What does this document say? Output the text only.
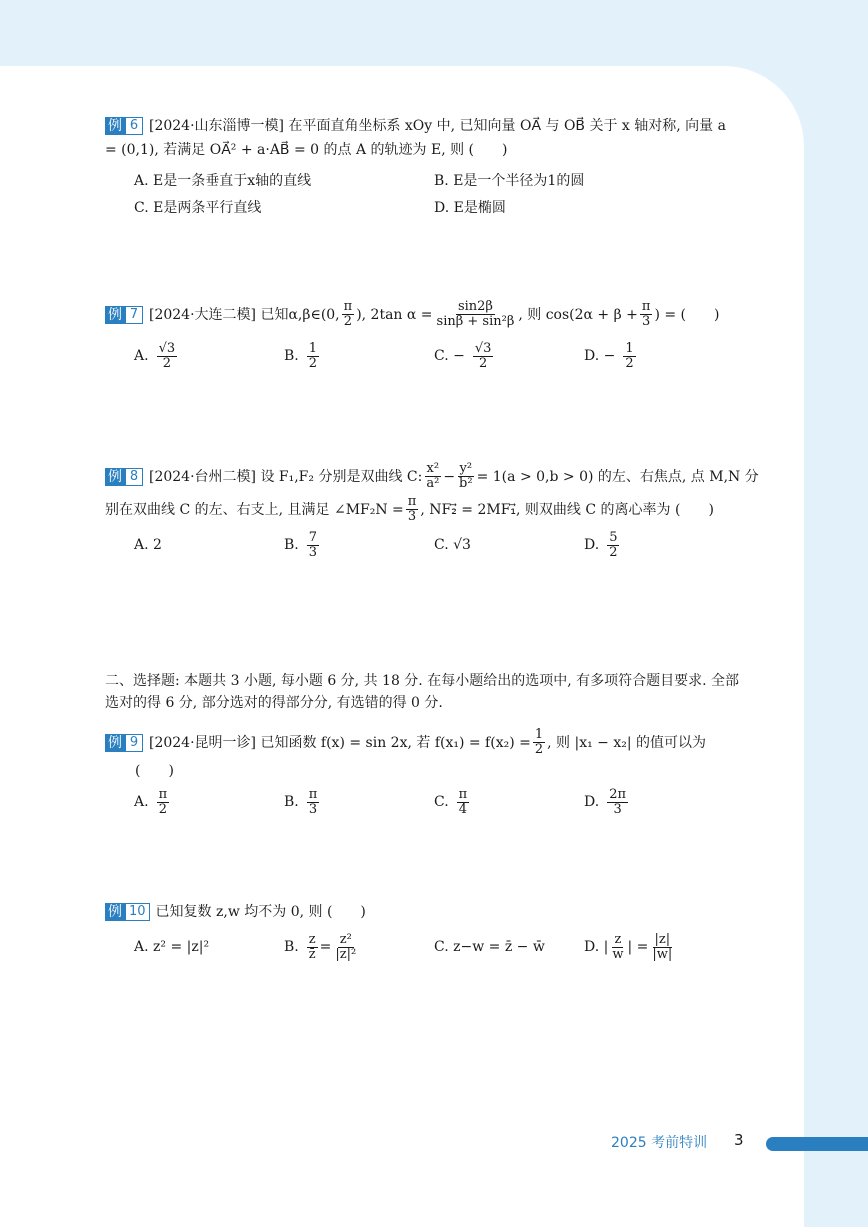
例 6 [2024·山东淄博一模] 在平面直角坐标系 xOy 中, 已知向量 OA⃗ 与 OB⃗ 关于 x 轴对称, 向量 a
= (0,1), 若满足 OA⃗² + a·AB⃗ = 0 的点 A 的轨迹为 E, 则 (　　)
A. E是一条垂直于x轴的直线	B. E是一个半径为1的圆
C. E是两条平行直线	D. E是椭圆
例 7 [2024·大连二模] 已知α,β∈(0, $\frac{\pi}{2}$ ), 2tan $\alpha = \frac{\sin 2\beta}{\text{sinβ + sin²β}}$ , 则 $\cos(2\alpha + \beta + \frac{\pi}{3}$ ) = (　　)
A. $\frac{√3}{2}$	B. $\frac{1}{2}$	C. − $\frac{√3}{2}$	D. − $\frac{1}{2}$
例 8 [2024·台州二模] 设 F₁,F₂ 分别是双曲线 C: $\frac{\text{x²}}{\text{a²}} - \frac{\text{y²}}{\text{b²}} = 1(a > 0,b > 0)$ 的左、右焦点, 点 M,N 分
别在双曲线 C 的左、右支上, 且满足 ∠MF₂N = $\frac{\pi}{3}$ , NF₂⃗ = 2MF₁⃗, 则双曲线 C 的离心率为 (　　)
A. 2	B. $\frac{7}{3}$	C. √3	D. $\frac{5}{2}$
二、选择题: 本题共 3 小题, 每小题 6 分, 共 18 分. 在每小题给出的选项中, 有多项符合题目要求. 全部
选对的得 6 分, 部分选对的得部分分, 有选错的得 0 分.
例 9 [2024·昆明一诊] 已知函数 f(x) = sin 2x, 若 $f(x_1) = f(x_2) = \frac{1}{2}$ , 则 |x₁ − x₂| 的值可以为
(　　)
A. $\frac{\pi}{2}$	B. $\frac{\pi}{3}$	C. $\frac{\pi}{4}$	D. $\frac{2\pi}{3}$
例 10 已知复数 z,w 均不为 0, 则 (　　)
A. z² = |z|²	B. $\frac{z}{z̄} = \frac{\text{z²}}{\text{|z|²}}$	C. z−w = z̄ − w̄	D. | $\frac{z}{w}$ | = $\frac{|z|}{|w|}$
2025 考前特训 3
